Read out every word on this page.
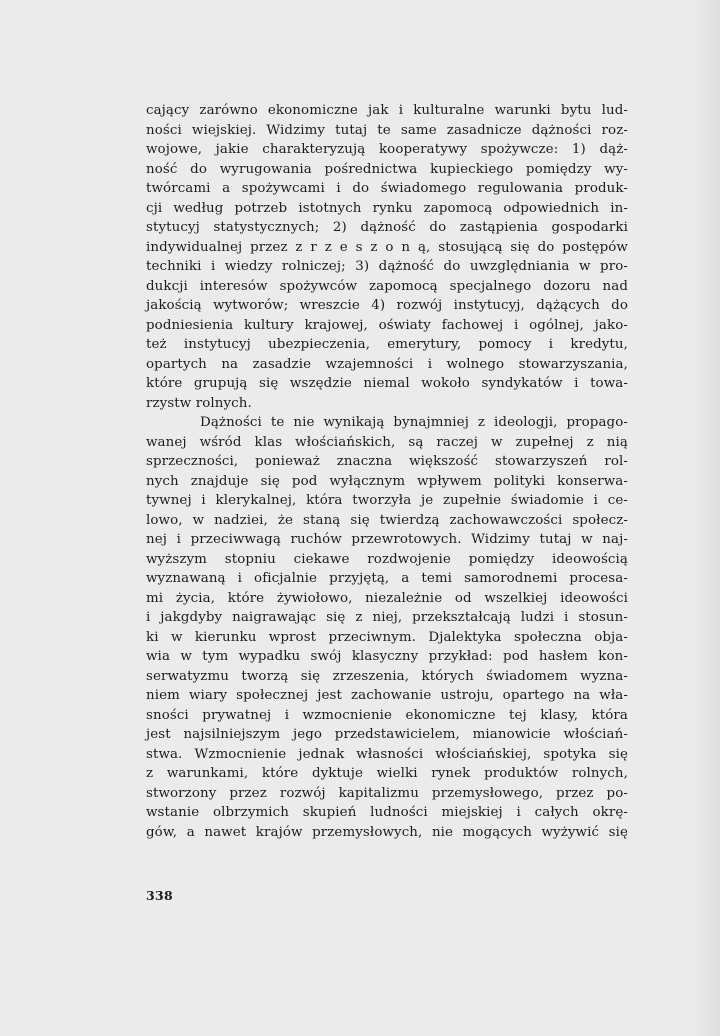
cający zarówno ekonomiczne jak i kulturalne warunki bytu lud-
ności wiejskiej. Widzimy tutaj te same zasadnicze dążności roz-
wojowe, jakie charakteryzują kooperatywy spożywcze: 1) dąż-
ność do wyrugowania pośrednictwa kupieckiego pomiędzy wy-
twórcami a spożywcami i do świadomego regulowania produk-
cji według potrzeb istotnych rynku zapomocą odpowiednich in-
stytucyj statystycznych; 2) dążność do zastąpienia gospodarki
indywidualnej przez z r z e s z o n ą, stosującą się do postępów
techniki i wiedzy rolniczej; 3) dążność do uwzględniania w pro-
dukcji interesów spożywców zapomocą specjalnego dozoru nad
jakością wytworów; wreszcie 4) rozwój instytucyj, dążących do
podniesienia kultury krajowej, oświaty fachowej i ogólnej, jako-
też instytucyj ubezpieczenia, emerytury, pomocy i kredytu,
opartych na zasadzie wzajemności i wolnego stowarzyszania,
które grupują się wszędzie niemal wokoło syndykatów i towa-
rzystw rolnych.
Dążności te nie wynikają bynajmniej z ideologji, propago-
wanej wśród klas włościańskich, są raczej w zupełnej z nią
sprzeczności, ponieważ znaczna większość stowarzyszeń rol-
nych znajduje się pod wyłącznym wpływem polityki konserwa-
tywnej i klerykalnej, która tworzyła je zupełnie świadomie i ce-
lowo, w nadziei, że staną się twierdzą zachowawczości społecz-
nej i przeciwwagą ruchów przewrotowych. Widzimy tutaj w naj-
wyższym stopniu ciekawe rozdwojenie pomiędzy ideowością
wyznawaną i oficjalnie przyjętą, a temi samorodnemi procesa-
mi życia, które żywiołowo, niezależnie od wszelkiej ideowości
i jakgdyby naigrawając się z niej, przekształcają ludzi i stosun-
ki w kierunku wprost przeciwnym. Djalektyka społeczna obja-
wia w tym wypadku swój klasyczny przykład: pod hasłem kon-
serwatyzmu tworzą się zrzeszenia, których świadomem wyzna-
niem wiary społecznej jest zachowanie ustroju, opartego na wła-
sności prywatnej i wzmocnienie ekonomiczne tej klasy, która
jest najsilniejszym jego przedstawicielem, mianowicie włościań-
stwa. Wzmocnienie jednak własności włościańskiej, spotyka się
z warunkami, które dyktuje wielki rynek produktów rolnych,
stworzony przez rozwój kapitalizmu przemysłowego, przez po-
wstanie olbrzymich skupień ludności miejskiej i całych okrę-
gów, a nawet krajów przemysłowych, nie mogących wyżywić się
338
